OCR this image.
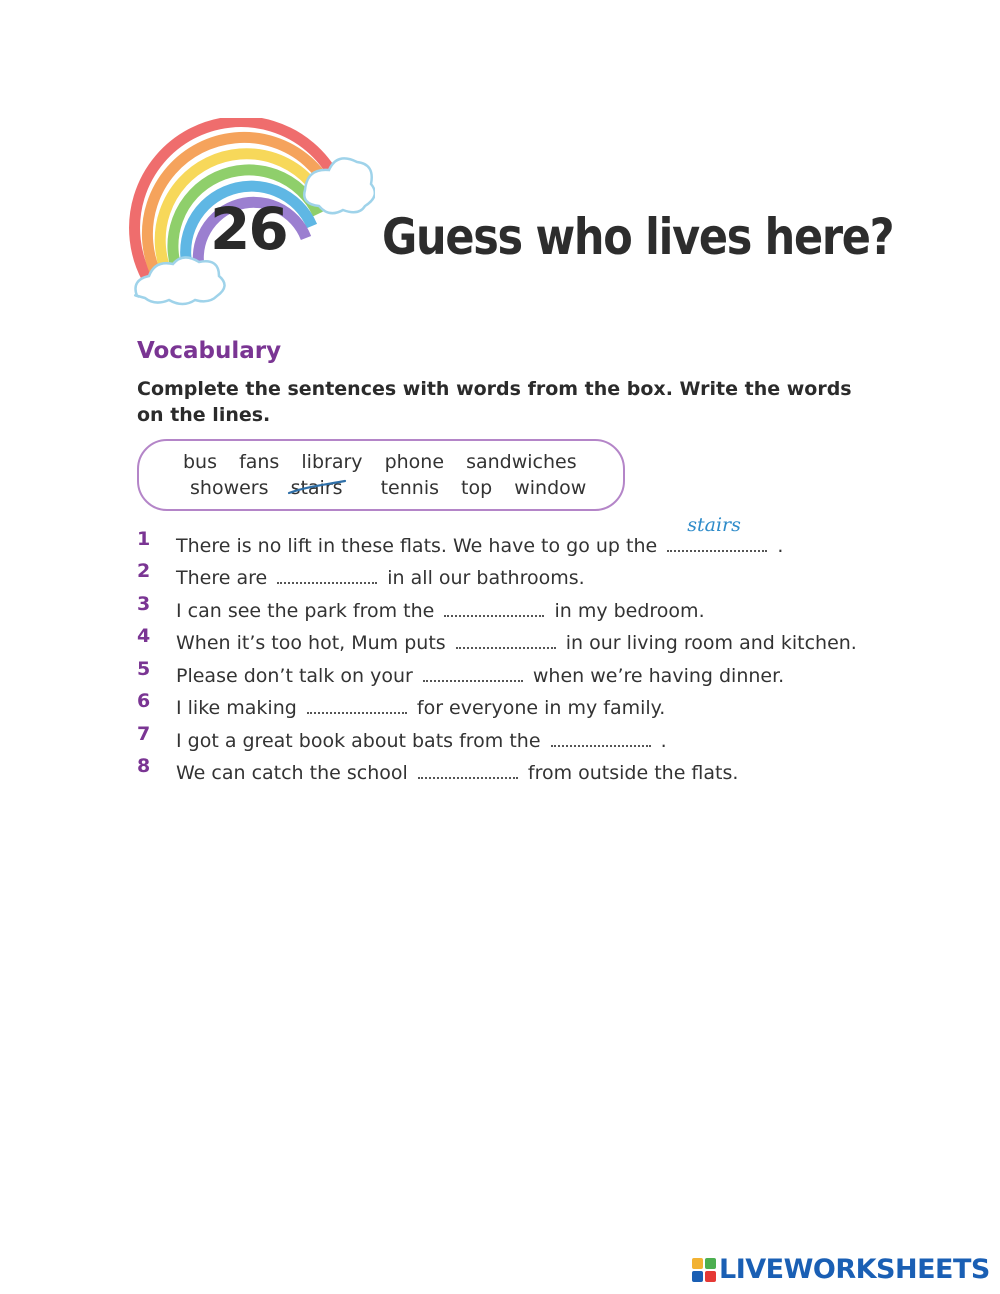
26 Guess who lives here?
Vocabulary
Complete the sentences with words from the box. Write the words on the lines.
bus fans library phone sandwiches
showers stairs tennis top window
1 There is no lift in these flats. We have to go up the
stairs
.
2 There are	in all our bathrooms.
3 I can see the park from the	in my bedroom.
4 When it’s too hot, Mum puts	in our living room and kitchen.
5 Please don’t talk on your	when we’re having dinner.
6 I like making	for everyone in my family.
7 I got a great book about bats from the	.
8 We can catch the school	from outside the flats.
LIVEWORKSHEETS
